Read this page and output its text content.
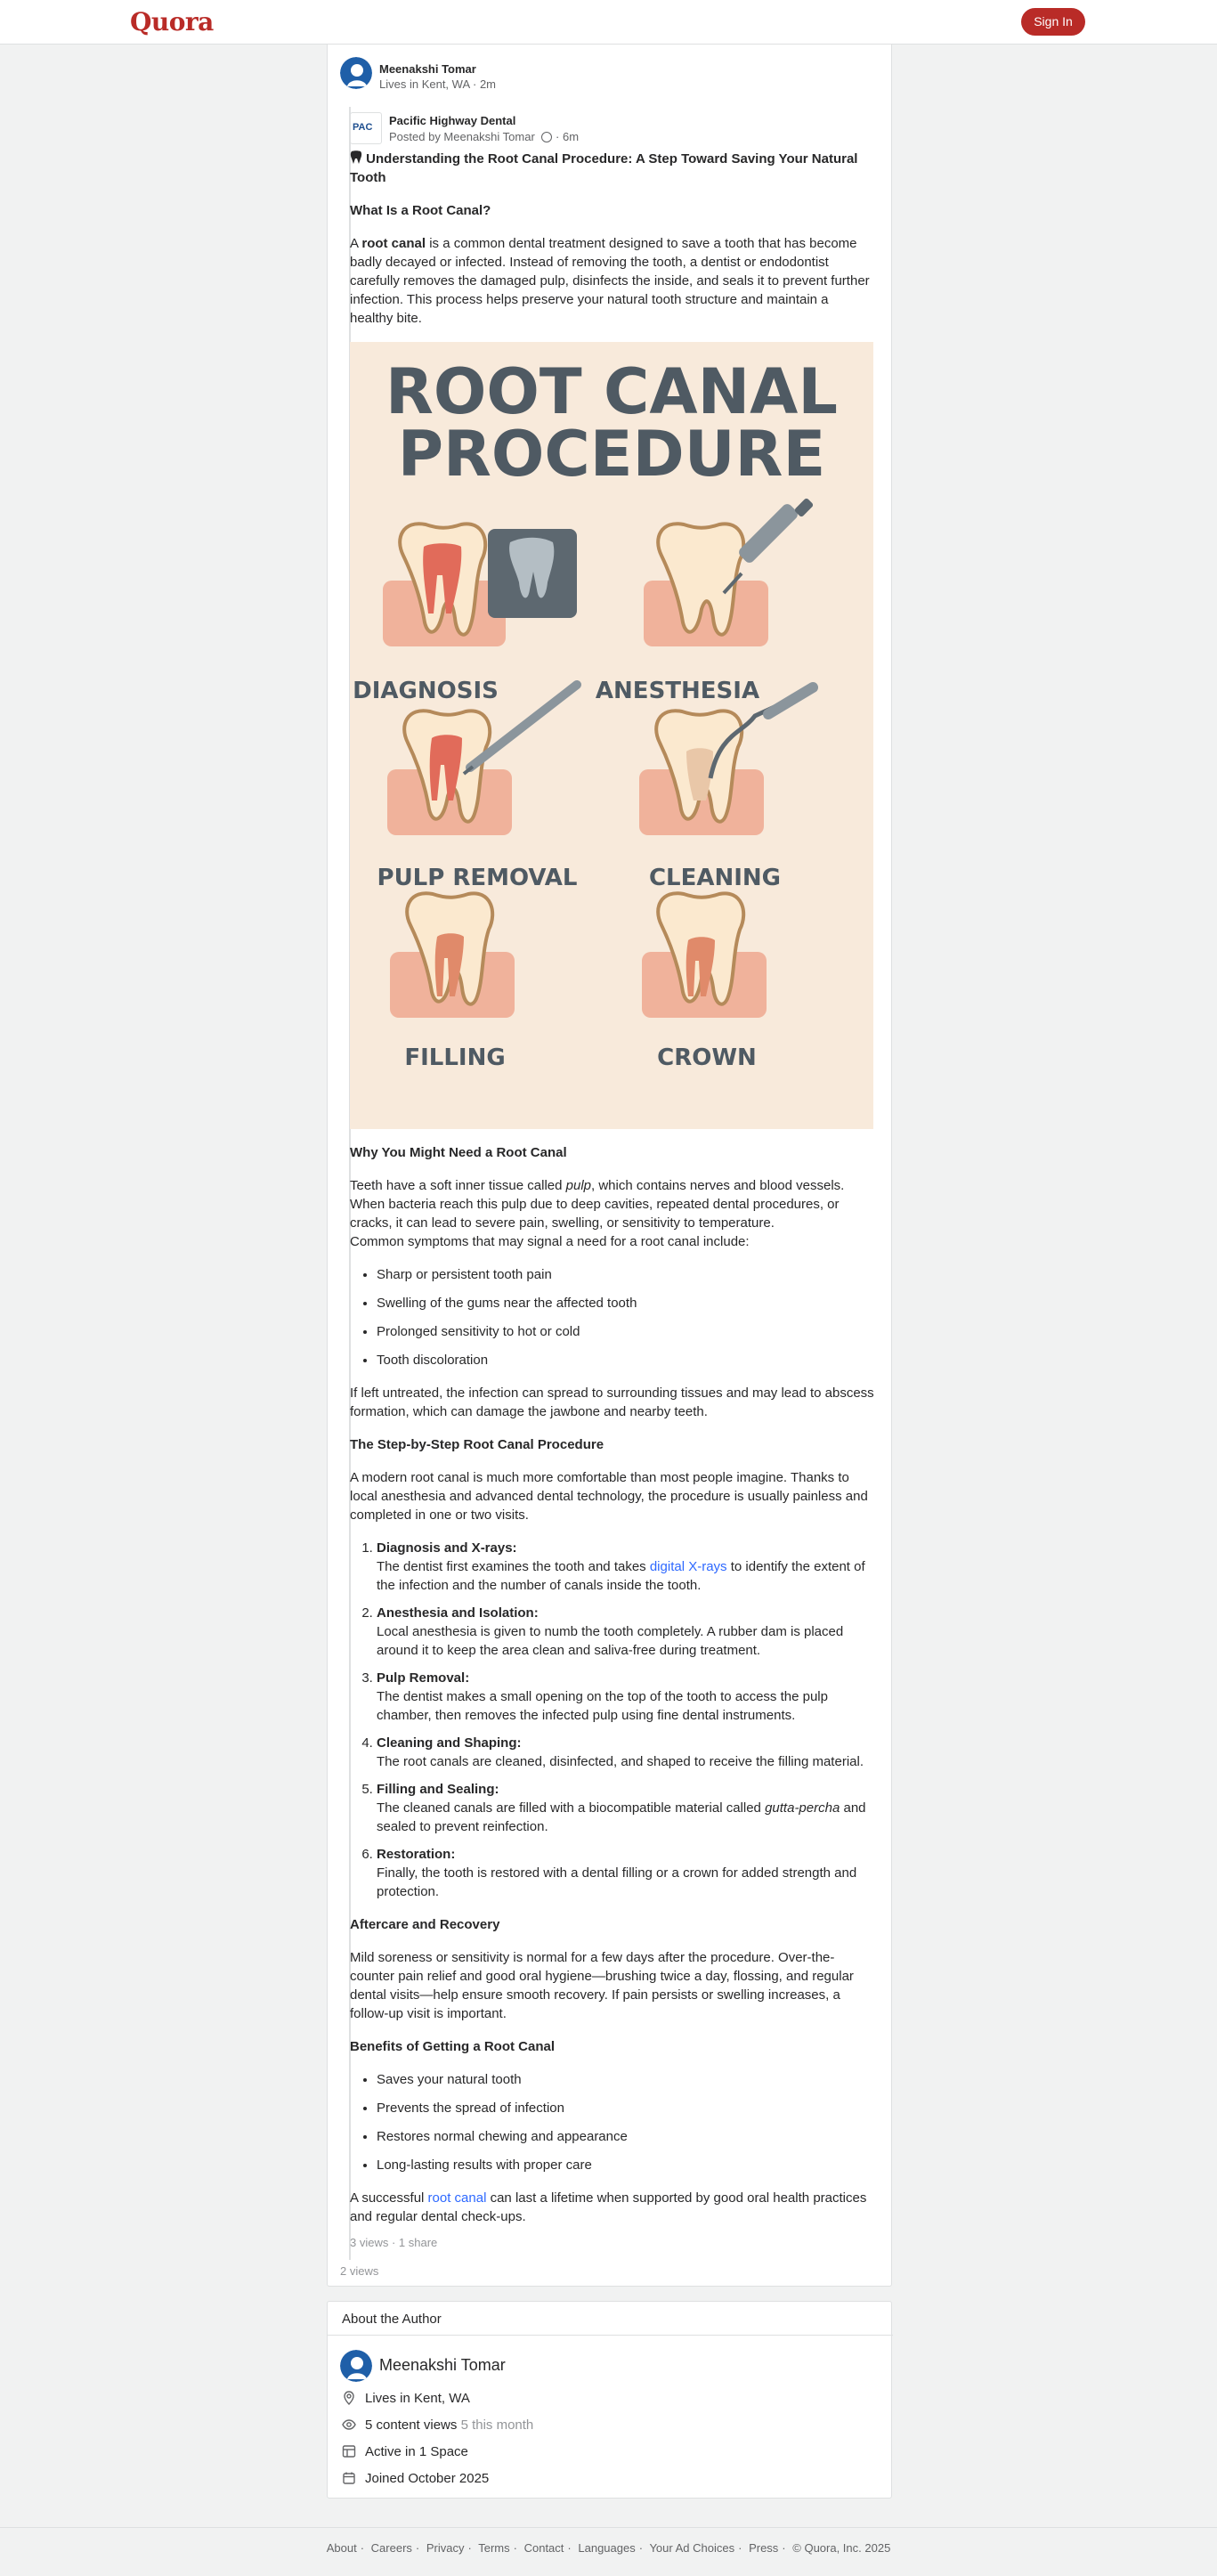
Quora	Sign In
Meenakshi Tomar
Lives in Kent, WA · 2m
PAC Pacific Highway Dental
Posted by Meenakshi Tomar · 6m

Understanding the Root Canal Procedure: A Step Toward Saving Your Natural Tooth

What Is a Root Canal?

A root canal is a common dental treatment designed to save a tooth that has become badly decayed or infected. Instead of removing the tooth, a dentist or endodontist carefully removes the damaged pulp, disinfects the inside, and seals it to prevent further infection. This process helps preserve your natural tooth structure and maintain a healthy bite.

ROOT CANAL
PROCEDURE
DIAGNOSIS	ANESTHESIA
PULP REMOVAL	CLEANING
FILLING	CROWN
Why You Might Need a Root Canal

Teeth have a soft inner tissue called pulp, which contains nerves and blood vessels. When bacteria reach this pulp due to deep cavities, repeated dental procedures, or cracks, it can lead to severe pain, swelling, or sensitivity to temperature.

Common symptoms that may signal a need for a root canal include:

• Sharp or persistent tooth pain
• Swelling of the gums near the affected tooth
• Prolonged sensitivity to hot or cold
• Tooth discoloration

If left untreated, the infection can spread to surrounding tissues and may lead to abscess formation, which can damage the jawbone and nearby teeth.

The Step-by-Step Root Canal Procedure

A modern root canal is much more comfortable than most people imagine. Thanks to local anesthesia and advanced dental technology, the procedure is usually painless and completed in one or two visits.

1. Diagnosis and X-rays:
The dentist first examines the tooth and takes digital X-rays to identify the extent of the infection and the number of canals inside the tooth.
2. Anesthesia and Isolation:
Local anesthesia is given to numb the tooth completely. A rubber dam is placed around it to keep the area clean and saliva-free during treatment.
3. Pulp Removal:
The dentist makes a small opening on the top of the tooth to access the pulp chamber, then removes the infected pulp using fine dental instruments.
4. Cleaning and Shaping:
The root canals are cleaned, disinfected, and shaped to receive the filling material.
5. Filling and Sealing:
The cleaned canals are filled with a biocompatible material called gutta-percha and sealed to prevent reinfection.
6. Restoration:
Finally, the tooth is restored with a dental filling or a crown for added strength and protection.
Aftercare and Recovery

Mild soreness or sensitivity is normal for a few days after the procedure. Over-the-counter pain relief and good oral hygiene—brushing twice a day, flossing, and regular dental visits—help ensure smooth recovery. If pain persists or swelling increases, a follow-up visit is important.

Benefits of Getting a Root Canal
• Saves your natural tooth
• Prevents the spread of infection
• Restores normal chewing and appearance
• Long-lasting results with proper care

A successful root canal can last a lifetime when supported by good oral health practices and regular dental check-ups.

3 views · 1 share
2 views
About the Author
Meenakshi Tomar
Lives in Kent, WA
5 content views 5 this month
Active in 1 Space
Joined October 2025
About · Careers · Privacy · Terms · Contact · Languages · Your Ad Choices · Press · © Quora, Inc. 2025
